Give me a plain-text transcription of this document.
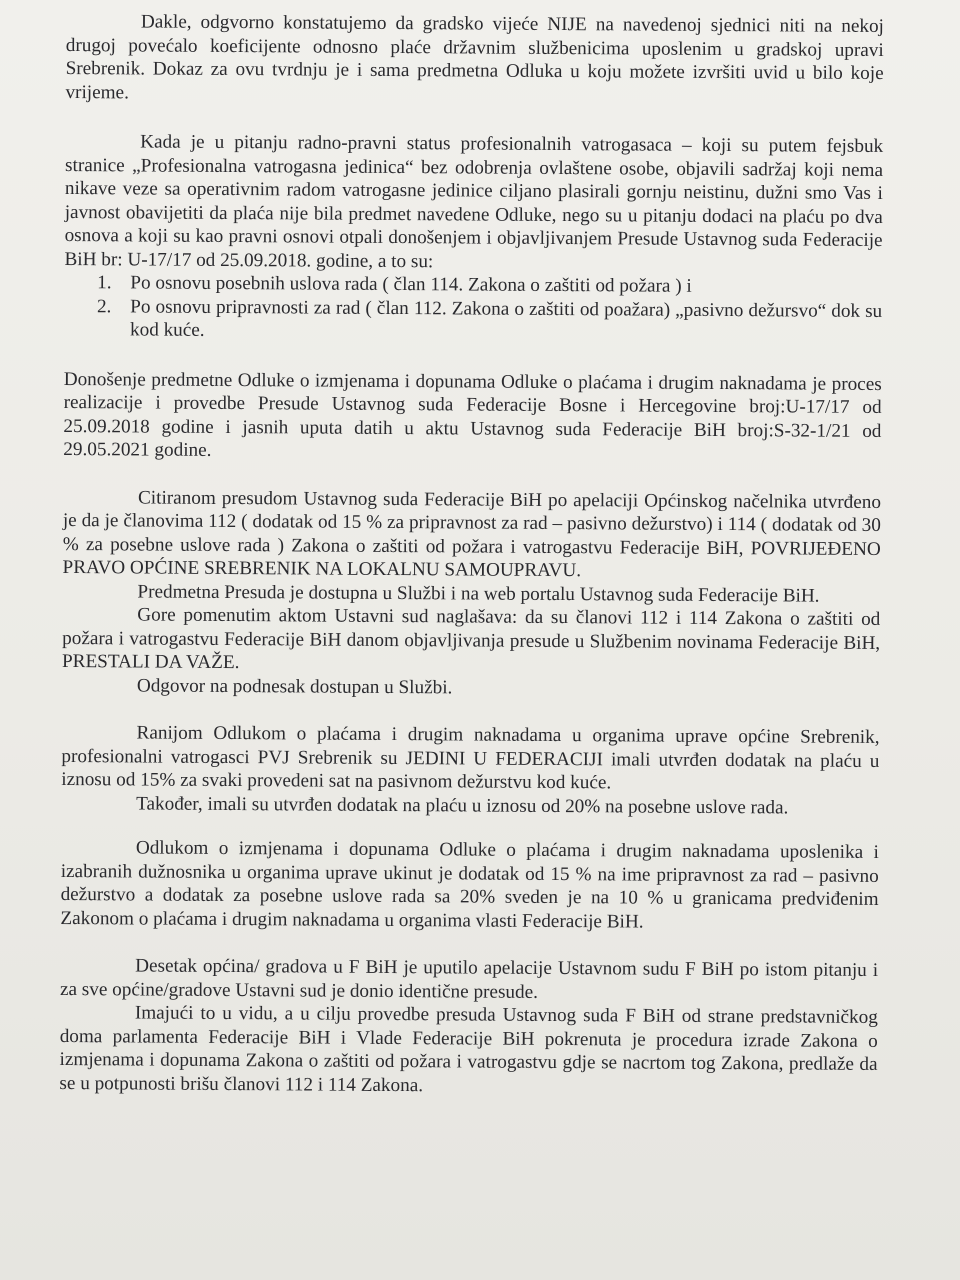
Dakle, odgvorno konstatujemo da gradsko vijeće NIJE na navedenoj sjednici niti na nekoj drugoj povećalo koeficijente odnosno plaće državnim službenicima uposlenim u gradskoj upravi Srebrenik. Dokaz za ovu tvrdnju je i sama predmetna Odluka u koju možete izvršiti uvid u bilo koje vrijeme.

Kada je u pitanju radno-pravni status profesionalnih vatrogasaca – koji su putem fejsbuk stranice „Profesionalna vatrogasna jedinica“ bez odobrenja ovlaštene osobe, objavili sadržaj koji nema nikave veze sa operativnim radom vatrogasne jedinice ciljano plasirali gornju neistinu, dužni smo Vas i javnost obavijetiti da plaća nije bila predmet navedene Odluke, nego su u pitanju dodaci na plaću po dva osnova a koji su kao pravni osnovi otpali donošenjem i objavljivanjem Presude Ustavnog suda Federacije BiH br: U-17/17 od 25.09.2018. godine, a to su:

1. Po osnovu posebnih uslova rada ( član 114. Zakona o zaštiti od požara ) i
2. Po osnovu pripravnosti za rad ( član 112. Zakona o zaštiti od poažara) „pasivno dežursvo“ dok su kod kuće.

Donošenje predmetne Odluke o izmjenama i dopunama Odluke o plaćama i drugim naknadama je proces realizacije i provedbe Presude Ustavnog suda Federacije Bosne i Hercegovine broj:U-17/17 od 25.09.2018 godine i jasnih uputa datih u aktu Ustavnog suda Federacije BiH broj:S-32-1/21 od 29.05.2021 godine.

Citiranom presudom Ustavnog suda Federacije BiH po apelaciji Općinskog načelnika utvrđeno je da je članovima 112 ( dodatak od 15 % za pripravnost za rad – pasivno dežurstvo) i 114 ( dodatak od 30 % za posebne uslove rada ) Zakona o zaštiti od požara i vatrogastvu Federacije BiH, POVRIJEĐENO PRAVO OPĆINE SREBRENIK NA LOKALNU SAMOUPRAVU.

Predmetna Presuda je dostupna u Službi i na web portalu Ustavnog suda Federacije BiH.

Gore pomenutim aktom Ustavni sud naglašava: da su članovi 112 i 114 Zakona o zaštiti od požara i vatrogastvu Federacije BiH danom objavljivanja presude u Službenim novinama Federacije BiH, PRESTALI DA VAŽE.

Odgovor na podnesak dostupan u Službi.

Ranijom Odlukom o plaćama i drugim naknadama u organima uprave općine Srebrenik, profesionalni vatrogasci PVJ Srebrenik su JEDINI U FEDERACIJI imali utvrđen dodatak na plaću u iznosu od 15% za svaki provedeni sat na pasivnom dežurstvu kod kuće.

Također, imali su utvrđen dodatak na plaću u iznosu od 20% na posebne uslove rada.

Odlukom o izmjenama i dopunama Odluke o plaćama i drugim naknadama uposlenika i izabranih dužnosnika u organima uprave ukinut je dodatak od 15 % na ime pripravnost za rad – pasivno dežurstvo a dodatak za posebne uslove rada sa 20% sveden je na 10 % u granicama predviđenim Zakonom o plaćama i drugim naknadama u organima vlasti Federacije BiH.

Desetak općina/ gradova u F BiH je uputilo apelacije Ustavnom sudu F BiH po istom pitanju i za sve općine/gradove Ustavni sud je donio identične presude.

Imajući to u vidu, a u cilju provedbe presuda Ustavnog suda F BiH od strane predstavničkog doma parlamenta Federacije BiH i Vlade Federacije BiH pokrenuta je procedura izrade Zakona o izmjenama i dopunama Zakona o zaštiti od požara i vatrogastvu gdje se nacrtom tog Zakona, predlaže da se u potpunosti brišu članovi 112 i 114 Zakona.
